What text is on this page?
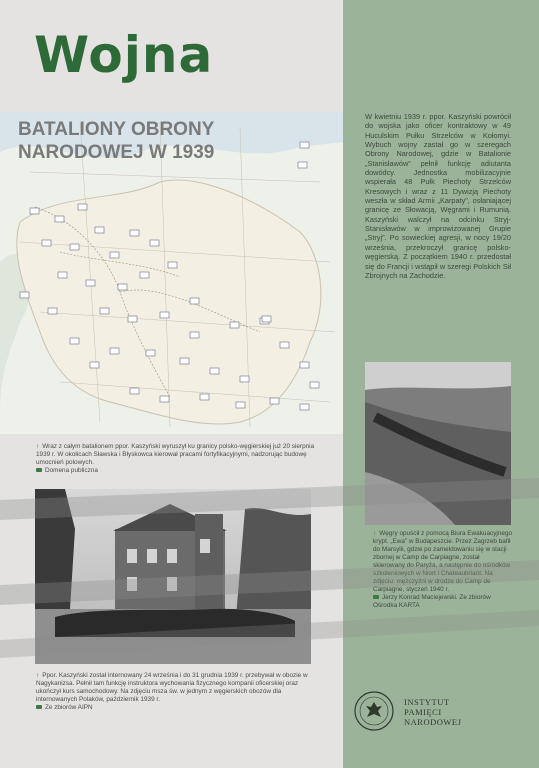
Wojna
BATALIONY OBRONY
NARODOWEJ W 1939

W kwietniu 1939 r. ppor. Kaszyński powrócił do wojska jako oficer kontraktowy w 49 Huculskim Pułku Strzelców w Kołomyi. Wybuch wojny zastał go w szeregach Obrony Narodowej, gdzie w Batalionie „Stanisławów” pełnił funkcję adiutanta dowódcy. Jednostka mobilizacyjnie wspierała 48 Pułk Piechoty Strzelców Kresowych i wraz z 11 Dywizją Piechoty weszła w skład Armii „Karpaty”, osłaniającej granicę ze Słowacją, Węgrami i Rumunią. Kaszyński walczył na odcinku Stryj-Stanisławów w improwizowanej Grupie „Stryj”. Po sowieckiej agresji, w nocy 19/20 września, przekroczył granicę polsko-węgierską. Z początkiem 1940 r. przedostał się do Francji i wstąpił w szeregi Polskich Sił Zbrojnych na Zachodzie.

↑ Wraz z całym batalionem ppor. Kaszyński wyruszył ku granicy polsko-węgierskiej już 20 sierpnia 1939 r. W okolicach Sławska i Błyskowca kierował pracami fortyfikacyjnymi, nadzorując budowę umocnień polowych.
Domena publiczna
↑ Ppor. Kaszyński został internowany 24 września i do 31 grudnia 1939 r. przebywał w obozie w Nagykanizsa. Pełnił tam funkcję instruktora wychowania fizycznego kompanii oficerskiej oraz ukończył kurs samochodowy. Na zdjęciu msza św. w jednym z węgierskich obozów dla internowanych Polaków, październik 1939 r.
Ze zbiorów AIPN
↑ Węgry opuścił z pomocą Biura Ewakuacyjnego krypt. „Ewa” w Budapeszcie. Przez Zagrzeb bafił do Marsylii, gdzie po zameldowaniu się w stacji zbornej w Camp de Carpiagne, został skierowany do Paryża, a następnie do ośrodków szkoleniowych w Niort i Chateaubriant. Na zdjęciu: mężczyźni w drodze do Camp de Carpiagne, styczeń 1940 r.
Jerzy Konrad Maciejewski. Ze zbiorów Ośrodka KARTA
INSTYTUT
PAMIĘCI
NARODOWEJ
